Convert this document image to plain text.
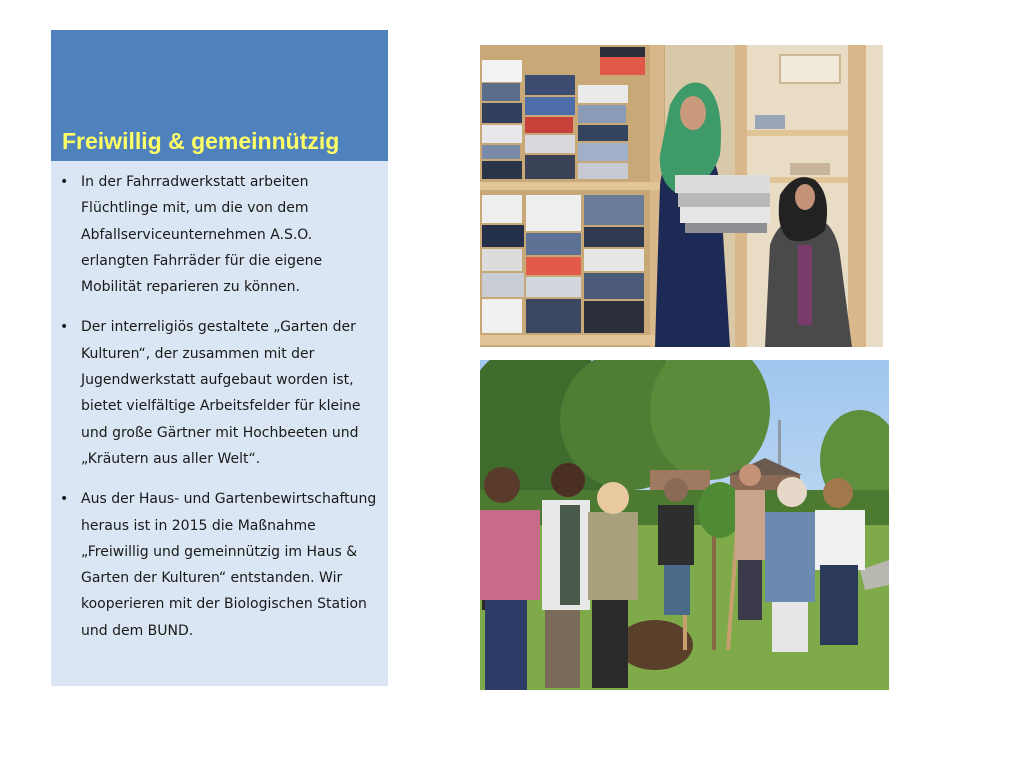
Freiwillig & gemeinnützig
• In der Fahrradwerkstatt arbeiten
Flüchtlinge mit, um die von dem
Abfallserviceunternehmen A.S.O.
erlangten Fahrräder für die eigene
Mobilität reparieren zu können.
• Der interreligiös gestaltete „Garten der
Kulturen“, der zusammen mit der
Jugendwerkstatt aufgebaut worden ist,
bietet vielfältige Arbeitsfelder für kleine
und große Gärtner mit Hochbeeten und
„Kräutern aus aller Welt“.
• Aus der Haus- und Gartenbewirtschaftung
heraus ist in 2015 die Maßnahme
„Freiwillig und gemeinnützig im Haus &
Garten der Kulturen“ entstanden. Wir
kooperieren mit der Biologischen Station
und dem BUND.
